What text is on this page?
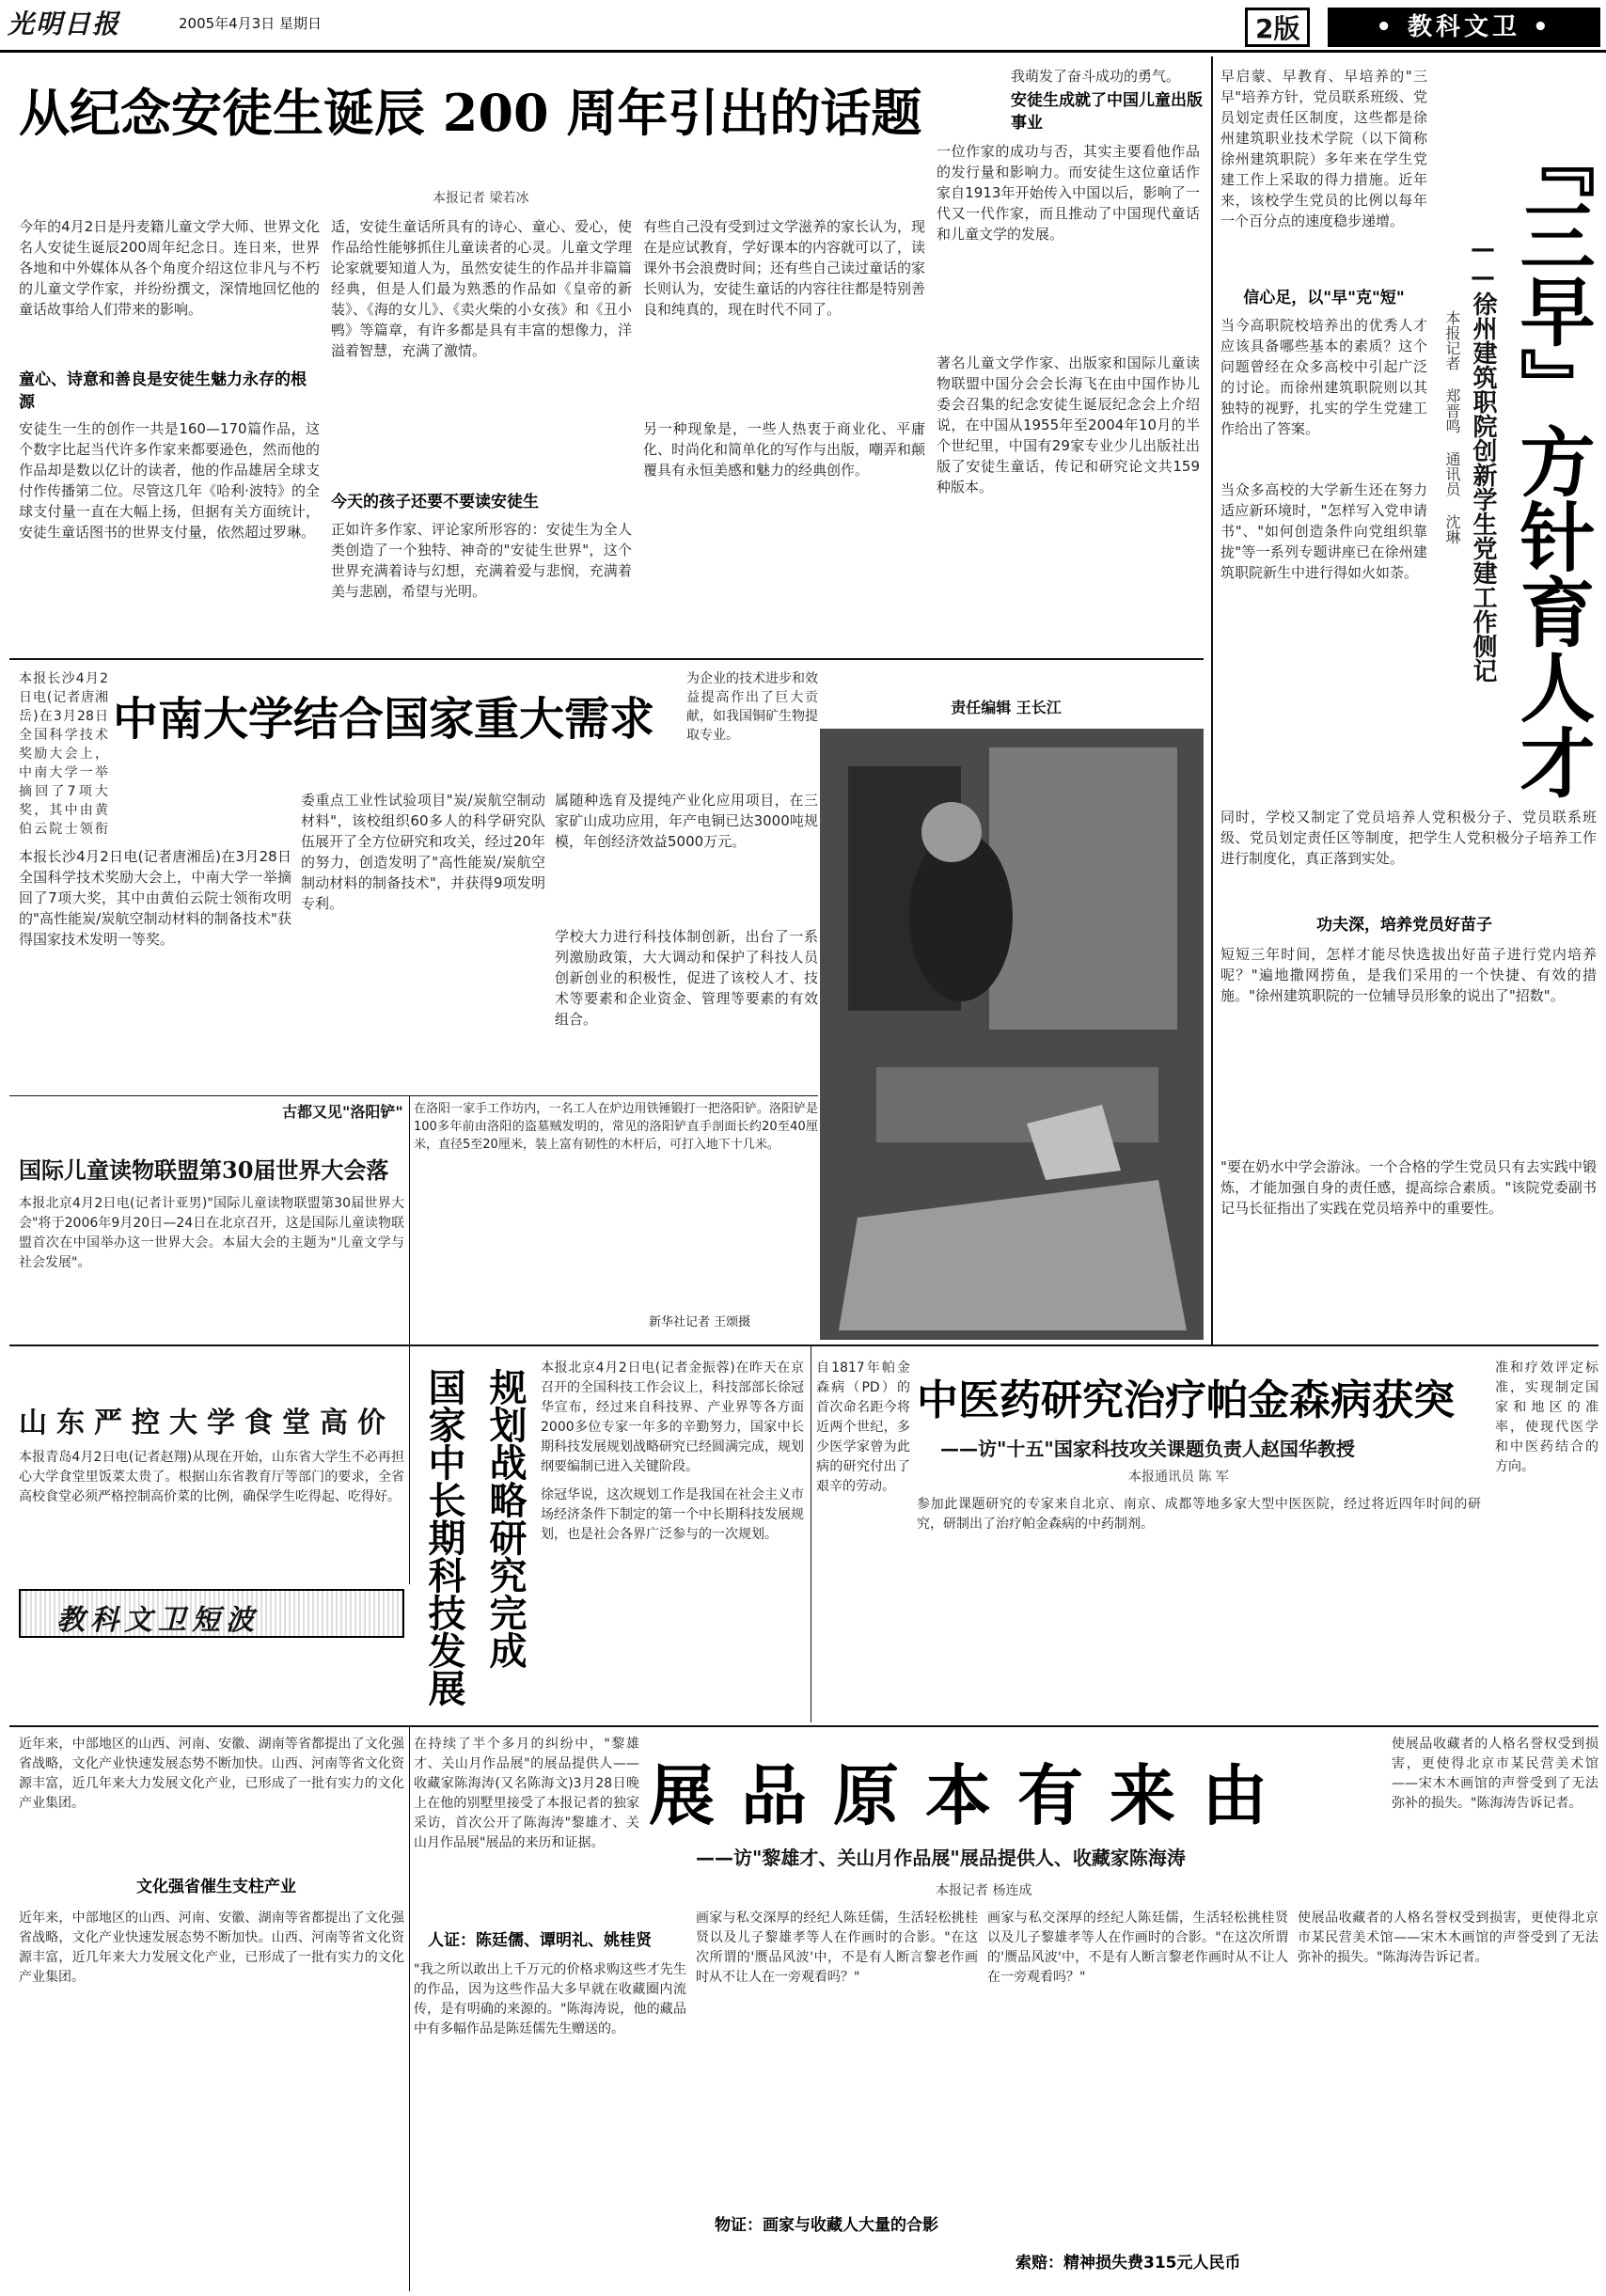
光明日报	2005年4月3日 星期日	2版	• 教科文卫 •
从纪念安徒生诞辰 200 周年引出的话题
本报记者 梁若冰
我萌发了奋斗成功的勇气。
安徒生成就了中国儿童出版事业
今年的4月2日是丹麦籍儿童文学大师、世界文化名人安徒生诞辰200周年纪念日。连日来，世界各地和中外媒体从各个角度介绍这位非凡与不朽的儿童文学作家，并纷纷撰文，深情地回忆他的童话故事给人们带来的影响。
童心、诗意和善良是安徒生魅力永存的根源
安徒生一生的创作一共是160—170篇作品，这个数字比起当代许多作家来都要逊色，然而他的作品却是数以亿计的读者，他的作品雄居全球支付作传播第二位。尽管这几年《哈利·波特》的全球支付量一直在大幅上扬，但据有关方面统计，安徒生童话图书的世界支付量，依然超过罗琳。
适，安徒生童话所具有的诗心、童心、爱心，使作品给性能够抓住儿童读者的心灵。儿童文学理论家就要知道人为，虽然安徒生的作品并非篇篇经典，但是人们最为熟悉的作品如《皇帝的新装》、《海的女儿》、《卖火柴的小女孩》和《丑小鸭》等篇章，有许多都是具有丰富的想像力，洋溢着智慧，充满了激情。
今天的孩子还要不要读安徒生
正如许多作家、评论家所形容的：安徒生为全人类创造了一个独特、神奇的"安徒生世界"，这个世界充满着诗与幻想，充满着爱与悲悯，充满着美与悲剧，希望与光明。
有些自己没有受到过文学滋养的家长认为，现在是应试教育，学好课本的内容就可以了，读课外书会浪费时间；还有些自己读过童话的家长则认为，安徒生童话的内容往往都是特别善良和纯真的，现在时代不同了。
另一种现象是，一些人热衷于商业化、平庸化、时尚化和简单化的写作与出版，嘲弄和颠覆具有永恒美感和魅力的经典创作。
一位作家的成功与否，其实主要看他作品的发行量和影响力。而安徒生这位童话作家自1913年开始传入中国以后，影响了一代又一代作家，而且推动了中国现代童话和儿童文学的发展。
著名儿童文学作家、出版家和国际儿童读物联盟中国分会会长海飞在由中国作协儿委会召集的纪念安徒生诞辰纪念会上介绍说，在中国从1955年至2004年10月的半个世纪里，中国有29家专业少儿出版社出版了安徒生童话，传记和研究论文共159种版本。	『三早』方针育人才
——徐州建筑职院创新学生党建工作侧记
本报记者 郑晋鸣 通讯员 沈琳
早启蒙、早教育、早培养的"三早"培养方针，党员联系班级、党员划定责任区制度，这些都是徐州建筑职业技术学院（以下简称徐州建筑职院）多年来在学生党建工作上采取的得力措施。近年来，该校学生党员的比例以每年一个百分点的速度稳步递增。
信心足，以"早"克"短"
当今高职院校培养出的优秀人才应该具备哪些基本的素质？这个问题曾经在众多高校中引起广泛的讨论。而徐州建筑职院则以其独特的视野，扎实的学生党建工作给出了答案。
当众多高校的大学新生还在努力适应新环境时，"怎样写入党申请书"、"如何创造条件向党组织靠拢"等一系列专题讲座已在徐州建筑职院新生中进行得如火如荼。
同时，学校又制定了党员培养人党积极分子、党员联系班级、党员划定责任区等制度，把学生人党积极分子培养工作进行制度化，真正落到实处。
功夫深，培养党员好苗子
短短三年时间，怎样才能尽快选拔出好苗子进行党内培养呢？"遍地撒网捞鱼，是我们采用的一个快捷、有效的措施。"徐州建筑职院的一位辅导员形象的说出了"招数"。
"要在奶水中学会游泳。一个合格的学生党员只有去实践中锻炼，才能加强自身的责任感，提高综合素质。"该院党委副书记马长征指出了实践在党员培养中的重要性。
本报长沙4月2日电(记者唐湘岳)在3月28日全国科学技术奖励大会上，中南大学一举摘回了7项大奖，其中由黄伯云院士领衔
中南大学结合国家重大需求
为企业的技术进步和效益提高作出了巨大贡献，如我国铜矿生物提取专业。
本报长沙4月2日电(记者唐湘岳)在3月28日全国科学技术奖励大会上，中南大学一举摘回了7项大奖，其中由黄伯云院士领衔攻明的"高性能炭/炭航空制动材料的制备技术"获得国家技术发明一等奖。
委重点工业性试验项目"炭/炭航空制动材料"，该校组织60多人的科学研究队伍展开了全方位研究和攻关，经过20年的努力，创造发明了"高性能炭/炭航空制动材料的制备技术"，并获得9项发明专利。
属随种选育及提纯产业化应用项目，在三家矿山成功应用，年产电铜已达3000吨规模，年创经济效益5000万元。
学校大力进行科技体制创新，出台了一系列激励政策，大大调动和保护了科技人员创新创业的积极性，促进了该校人才、技术等要素和企业资金、管理等要素的有效组合。
责任编辑 王长江
古都又见"洛阳铲" 在洛阳一家手工作坊内，一名工人在炉边用铁锤锻打一把洛阳铲。洛阳铲是100多年前由洛阳的盗墓贼发明的，常见的洛阳铲直手剖面长约20至40厘米，直径5至20厘米，装上富有韧性的木杆后，可打入地下十几米。
新华社记者 王颂摄
国际儿童读物联盟第30届世界大会落
本报北京4月2日电(记者计亚男)"国际儿童读物联盟第30届世界大会"将于2006年9月20日—24日在北京召开，这是国际儿童读物联盟首次在中国举办这一世界大会。本届大会的主题为"儿童文学与社会发展"。
山东严控大学食堂高价
本报青岛4月2日电(记者赵翔)从现在开始，山东省大学生不必再担心大学食堂里饭菜太贵了。根据山东省教育厅等部门的要求，全省高校食堂必须严格控制高价菜的比例，确保学生吃得起、吃得好。 国家中长期科技发展 规划战略研究完成 本报北京4月2日电(记者金振蓉)在昨天在京召开的全国科技工作会议上，科技部部长徐冠华宣布，经过来自科技界、产业界等各方面2000多位专家一年多的辛勤努力，国家中长期科技发展规划战略研究已经圆满完成，规划纲要编制已进入关键阶段。
徐冠华说，这次规划工作是我国在社会主义市场经济条件下制定的第一个中长期科技发展规划，也是社会各界广泛参与的一次规划。
自1817年帕金森病（PD）的首次命名距今将近两个世纪，多少医学家曾为此病的研究付出了艰辛的劳动。
中医药研究治疗帕金森病获突
——访"十五"国家科技攻关课题负责人赵国华教授
本报通讯员 陈 军
参加此课题研究的专家来自北京、南京、成都等地多家大型中医医院，经过将近四年时间的研究，研制出了治疗帕金森病的中药制剂。
准和疗效评定标准，实现制定国家和地区的准率，使现代医学和中医药结合的方向。
教科文卫短波
近年来，中部地区的山西、河南、安徽、湖南等省都提出了文化强省战略，文化产业快速发展态势不断加快。山西、河南等省文化资源丰富，近几年来大力发展文化产业，已形成了一批有实力的文化产业集团。
文化强省催生支柱产业
近年来，中部地区的山西、河南、安徽、湖南等省都提出了文化强省战略，文化产业快速发展态势不断加快。山西、河南等省文化资源丰富，近几年来大力发展文化产业，已形成了一批有实力的文化产业集团。
在持续了半个多月的纠纷中，"黎雄才、关山月作品展"的展品提供人——收藏家陈海涛(又名陈海文)3月28日晚上在他的别墅里接受了本报记者的独家采访，首次公开了陈海涛"黎雄才、关山月作品展"展品的来历和证据。
展品原本有来由
——访"黎雄才、关山月作品展"展品提供人、收藏家陈海涛
本报记者 杨连成
使展品收藏者的人格名誉权受到损害，更使得北京市某民营美术馆——宋木木画馆的声誉受到了无法弥补的损失。"陈海涛告诉记者。
人证：陈廷儒、谭明礼、姚桂贤
"我之所以敢出上千万元的价格求购这些才先生的作品，因为这些作品大多早就在收藏圈内流传，是有明确的来源的。"陈海涛说，他的藏品中有多幅作品是陈廷儒先生赠送的。
画家与私交深厚的经纪人陈廷儒，生活轻松挑桂贤以及儿子黎雄孝等人在作画时的合影。"在这次所谓的'赝品风波'中，不是有人断言黎老作画时从不让人在一旁观看吗？"
物证：画家与收藏人大量的合影
画家与私交深厚的经纪人陈廷儒，生活轻松挑桂贤以及儿子黎雄孝等人在作画时的合影。"在这次所谓的'赝品风波'中，不是有人断言黎老作画时从不让人在一旁观看吗？"
索赔：精神损失费315元人民币
使展品收藏者的人格名誉权受到损害，更使得北京市某民营美术馆——宋木木画馆的声誉受到了无法弥补的损失。"陈海涛告诉记者。
